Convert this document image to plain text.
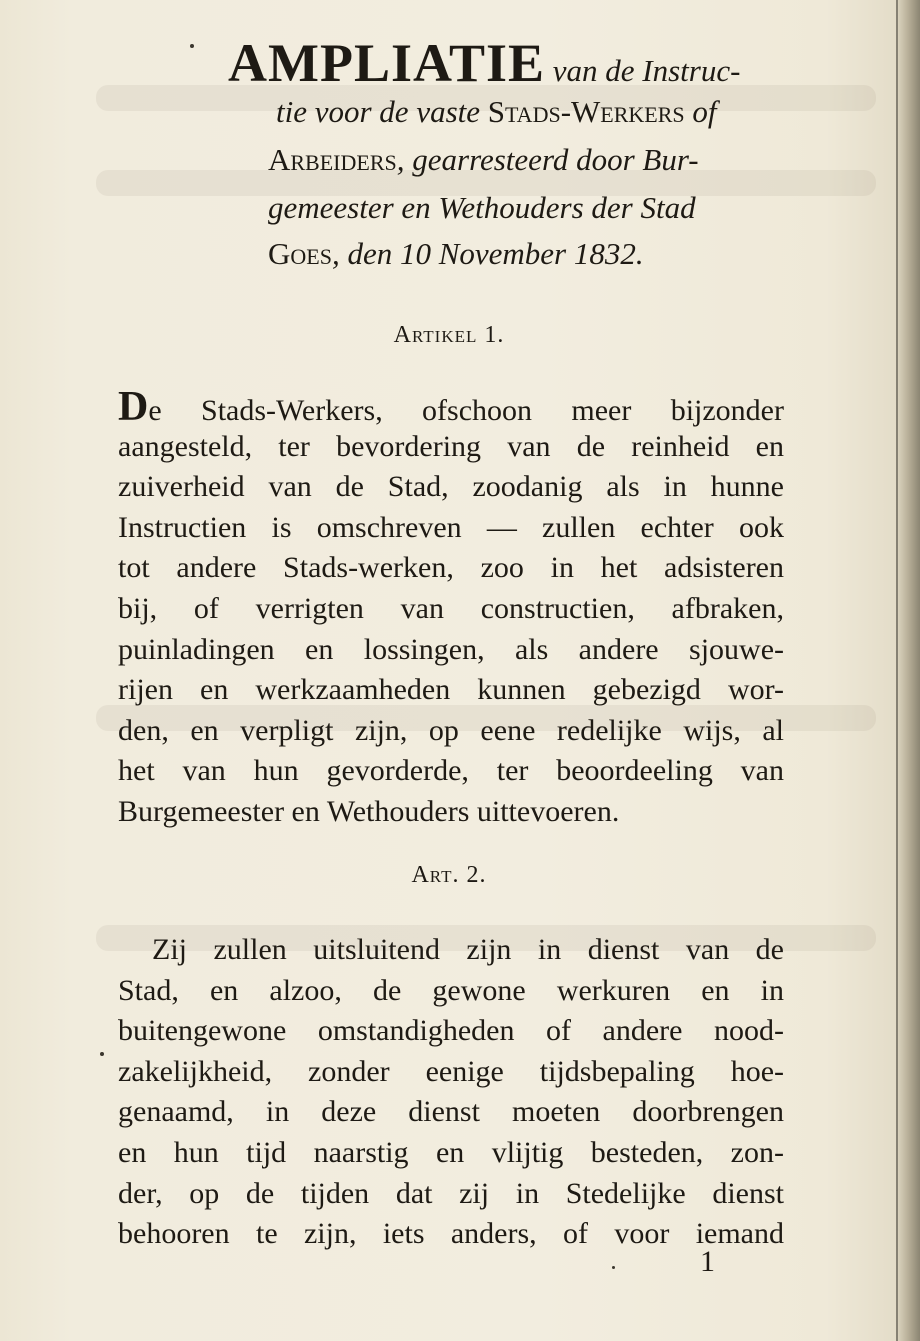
AMPLIATIE van de Instruc-
tie voor de vaste Stads-Werkers of
Arbeiders, gearresteerd door Bur-
gemeester en Wethouders der Stad
Goes, den 10 November 1832.
Artikel 1.
De Stads-Werkers, ofschoon meer bijzonder
aangesteld, ter bevordering van de reinheid en
zuiverheid van de Stad, zoodanig als in hunne
Instructien is omschreven — zullen echter ook
tot andere Stads-werken, zoo in het adsisteren
bij, of verrigten van constructien, afbraken,
puinladingen en lossingen, als andere sjouwe-
rijen en werkzaamheden kunnen gebezigd wor-
den, en verpligt zijn, op eene redelijke wijs, al
het van hun gevorderde, ter beoordeeling van
Burgemeester en Wethouders uittevoeren.
Art. 2.
Zij zullen uitsluitend zijn in dienst van de
Stad, en alzoo, de gewone werkuren en in
buitengewone omstandigheden of andere nood-
zakelijkheid, zonder eenige tijdsbepaling hoe-
genaamd, in deze dienst moeten doorbrengen
en hun tijd naarstig en vlijtig besteden, zon-
der, op de tijden dat zij in Stedelijke dienst
behooren te zijn, iets anders, of voor iemand
1
